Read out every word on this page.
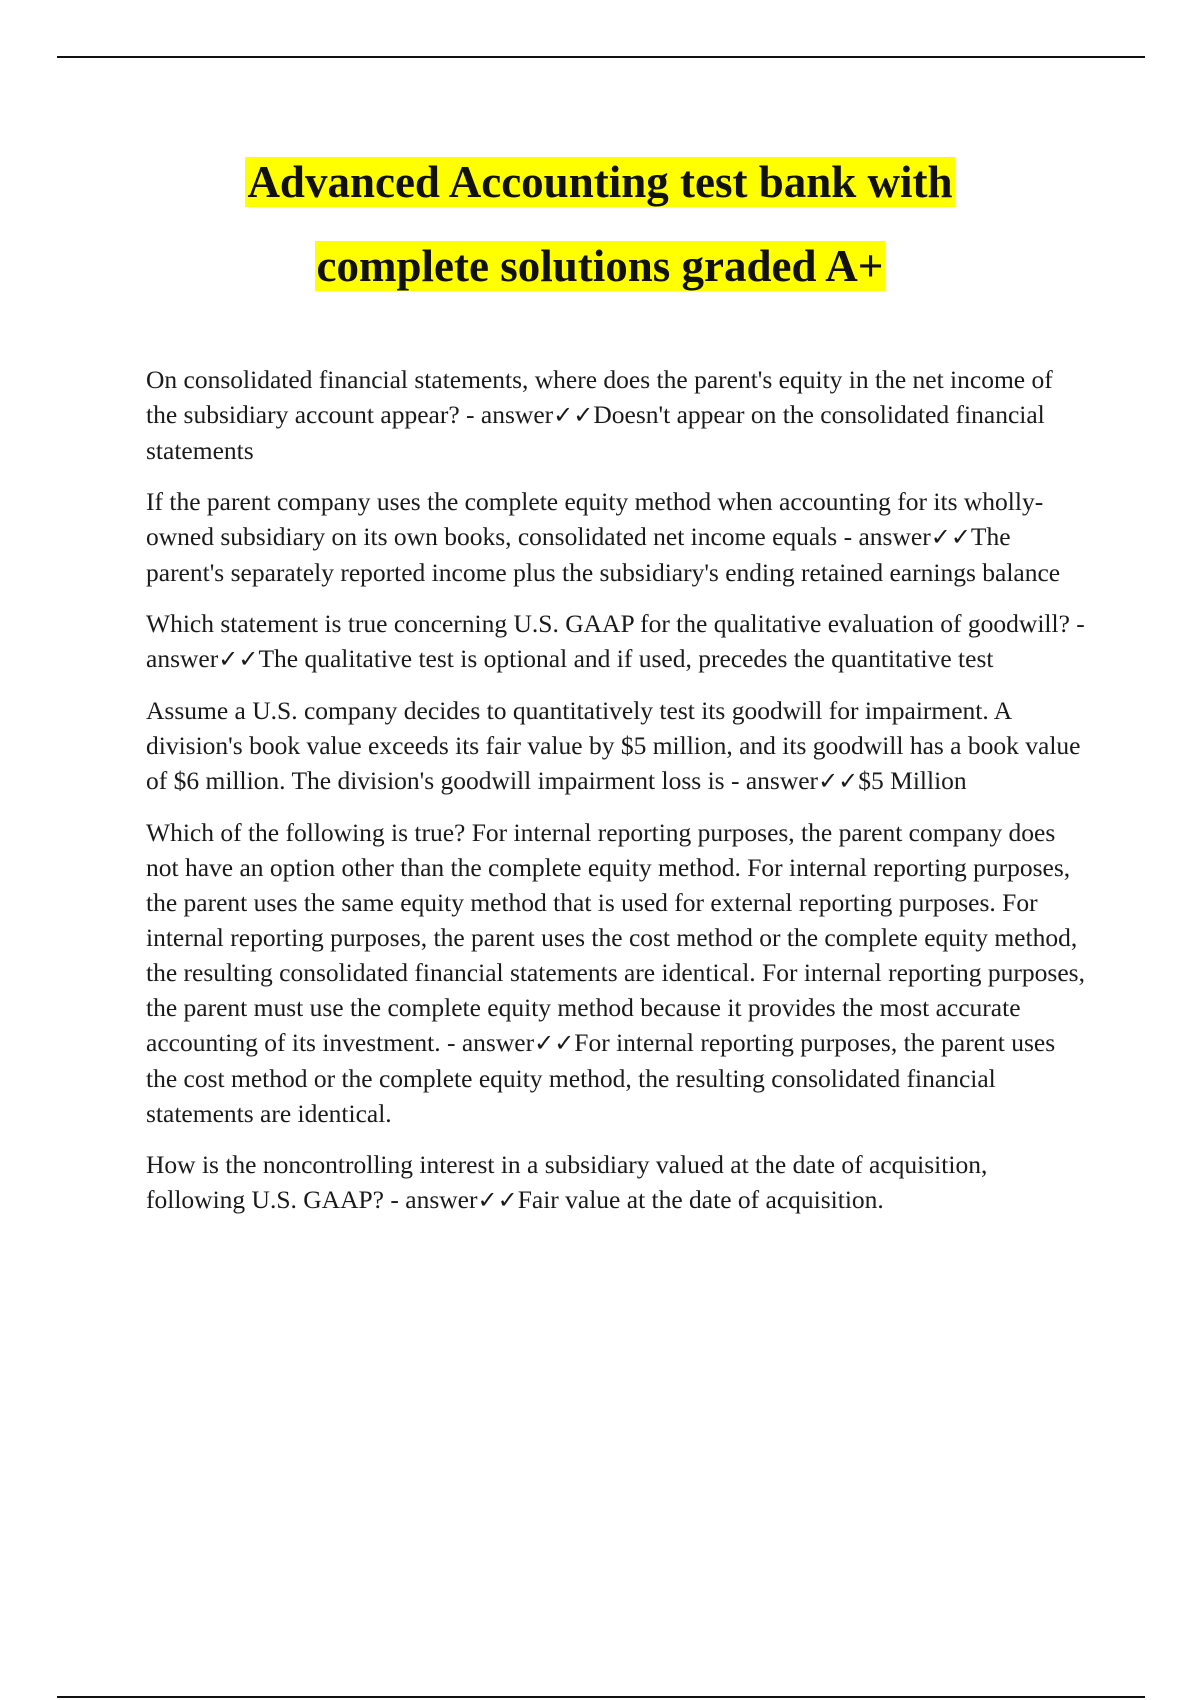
Advanced Accounting test bank with
complete solutions graded A+

On consolidated financial statements, where does the parent's equity in the net income of the subsidiary account appear? - answer✓✓Doesn't appear on the consolidated financial statements

If the parent company uses the complete equity method when accounting for its wholly-owned subsidiary on its own books, consolidated net income equals - answer✓✓The parent's separately reported income plus the subsidiary's ending retained earnings balance

Which statement is true concerning U.S. GAAP for the qualitative evaluation of goodwill? - answer✓✓The qualitative test is optional and if used, precedes the quantitative test

Assume a U.S. company decides to quantitatively test its goodwill for impairment. A division's book value exceeds its fair value by $5 million, and its goodwill has a book value of $6 million. The division's goodwill impairment loss is - answer✓✓$5 Million

Which of the following is true? For internal reporting purposes, the parent company does not have an option other than the complete equity method. For internal reporting purposes, the parent uses the same equity method that is used for external reporting purposes. For internal reporting purposes, the parent uses the cost method or the complete equity method, the resulting consolidated financial statements are identical. For internal reporting purposes, the parent must use the complete equity method because it provides the most accurate accounting of its investment. - answer✓✓For internal reporting purposes, the parent uses the cost method or the complete equity method, the resulting consolidated financial statements are identical.

How is the noncontrolling interest in a subsidiary valued at the date of acquisition, following U.S. GAAP? - answer✓✓Fair value at the date of acquisition.
